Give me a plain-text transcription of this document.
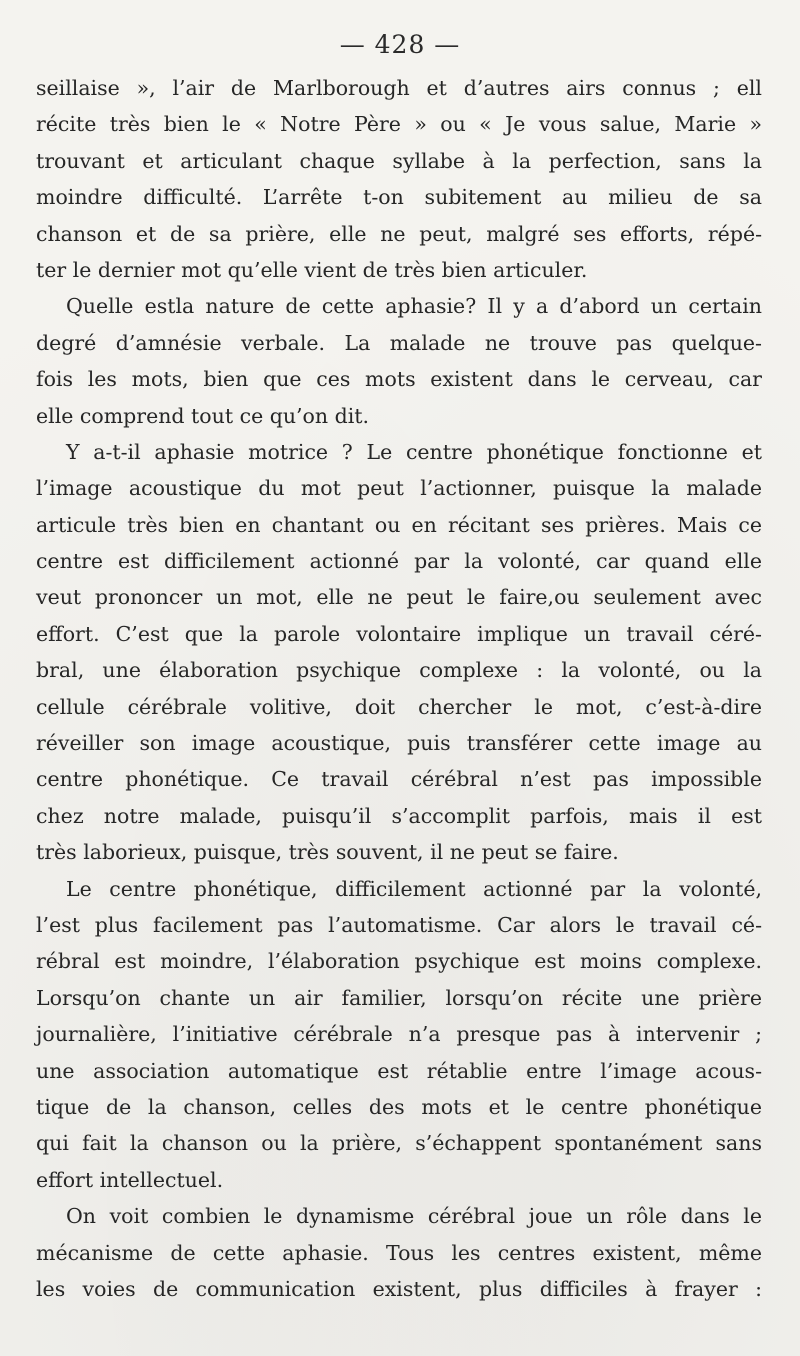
— 428 —
seillaise », l’air de Marlborough et d’autres airs connus ; ell
récite très bien le « Notre Père » ou « Je vous salue, Marie »
trouvant et articulant chaque syllabe à la perfection, sans la
moindre difficulté. L’arrête t-on subitement au milieu de sa
chanson et de sa prière, elle ne peut, malgré ses efforts, répé-
ter le dernier mot qu’elle vient de très bien articuler.
Quelle estla nature de cette aphasie? Il y a d’abord un certain
degré d’amnésie verbale. La malade ne trouve pas quelque-
fois les mots, bien que ces mots existent dans le cerveau, car
elle comprend tout ce qu’on dit.
Y a-t-il aphasie motrice ? Le centre phonétique fonctionne et
l’image acoustique du mot peut l’actionner, puisque la malade
articule très bien en chantant ou en récitant ses prières. Mais ce
centre est difficilement actionné par la volonté, car quand elle
veut prononcer un mot, elle ne peut le faire,ou seulement avec
effort. C’est que la parole volontaire implique un travail céré-
bral, une élaboration psychique complexe : la volonté, ou la
cellule cérébrale volitive, doit chercher le mot, c’est-à-dire
réveiller son image acoustique, puis transférer cette image au
centre phonétique. Ce travail cérébral n’est pas impossible
chez notre malade, puisqu’il s’accomplit parfois, mais il est
très laborieux, puisque, très souvent, il ne peut se faire.
Le centre phonétique, difficilement actionné par la volonté,
l’est plus facilement pas l’automatisme. Car alors le travail cé-
rébral est moindre, l’élaboration psychique est moins complexe.
Lorsqu’on chante un air familier, lorsqu’on récite une prière
journalière, l’initiative cérébrale n’a presque pas à intervenir ;
une association automatique est rétablie entre l’image acous-
tique de la chanson, celles des mots et le centre phonétique
qui fait la chanson ou la prière, s’échappent spontanément sans
effort intellectuel.
On voit combien le dynamisme cérébral joue un rôle dans le
mécanisme de cette aphasie. Tous les centres existent, même
les voies de communication existent, plus difficiles à frayer :
